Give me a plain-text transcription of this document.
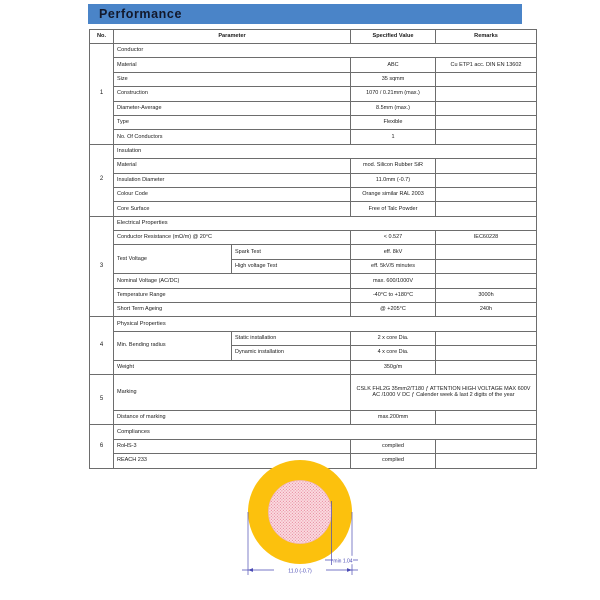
Performance
No.	Parameter		Specified Value	Remarks
1	Conductor			
	Material		ABC	Cu ETP1 acc. DIN EN 13602
	Size		35 sqmm	
	Construction		1070 / 0.21mm (max.)	
	Diameter-Average		8.5mm (max.)	
	Type		Flexible	
	No. Of Conductors		1	
2	Insulation			
	Material		mod. Silicon Rubber SiR	
	Insulation Diameter		11.0mm (-0.7)	
	Colour Code		Orange similar RAL 2003	
	Core Surface		Free of Talc Powder	
3	Electrical Properties			
	Conductor Resistance (mΩ/m) @ 20°C		< 0.527	IEC60228
	Test Voltage	Spark Test	eff. 8kV	
		High voltage Test	eff. 5kV/5 minutes	
	Nominal Voltage (AC/DC)		max. 600/1000V	
	Temperature Range		-40°C to +180°C	3000h
	Short Term Ageing		@ +205°C	240h
4	Physical Properties			
	Min. Bending radius	Static installation	2 x core Dia.	
		Dynamic installation	4 x core Dia.	
	Weight		350g/m	
5	Marking		CSLK FHL2G 35mm2/T180 ƒ ATTENTION HIGH VOLTAGE MAX 600V AC /1000 V DC ƒ Calender week & last 2 digits of the year	
	Distance of marking		max.200mm	
6	Compliances			
	RoHS-3		complied	
	REACH 233		complied	
11.0 (-0.7)
min 1.04
